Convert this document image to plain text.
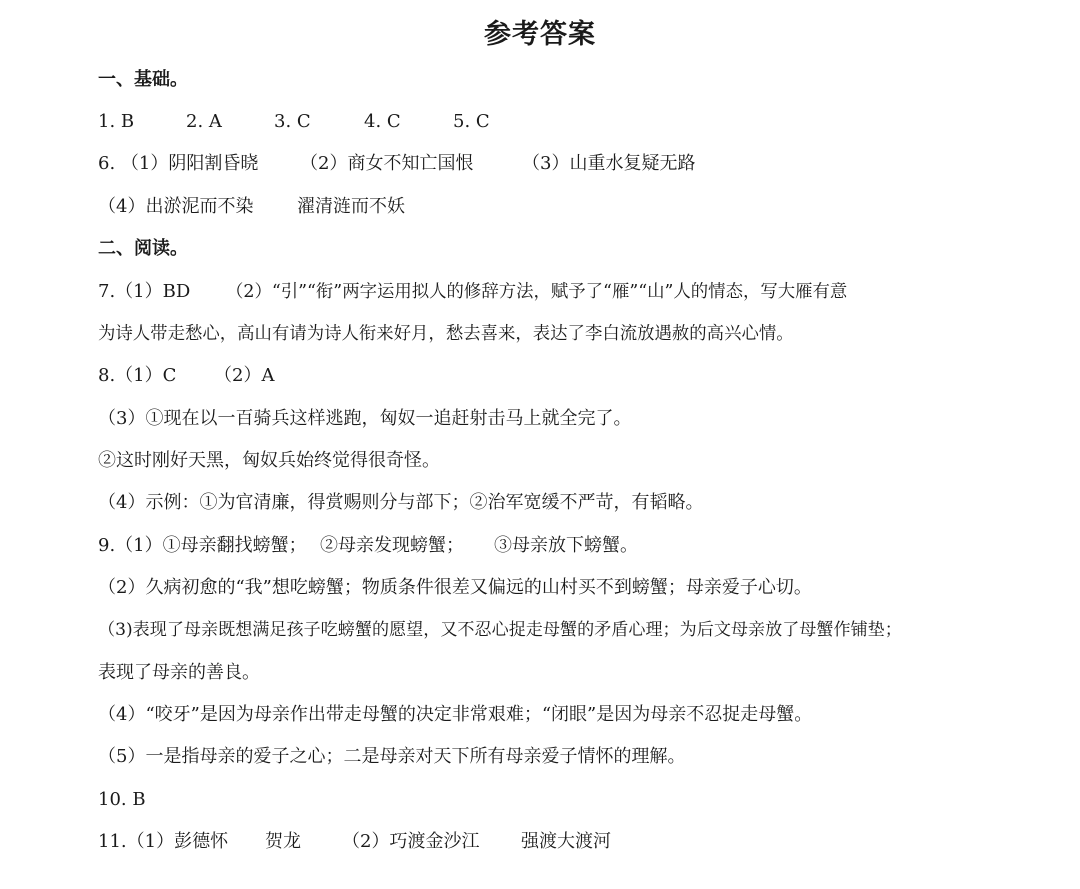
参考答案
一、基础。
1. B	2. A	3. C	4. C	5. C
6. （1）阴阳割昏晓 （2）商女不知亡国恨	（3）山重水复疑无路
（4）出淤泥而不染 濯清涟而不妖
二、阅读。
7.（1）BD （2）“引”“衔”两字运用拟人的修辞方法，赋予了“雁”“山”人的情态，写大雁有意
为诗人带走愁心，高山有请为诗人衔来好月，愁去喜来，表达了李白流放遇赦的高兴心情。
8.（1）C （2）A
（3）①现在以一百骑兵这样逃跑，匈奴一追赶射击马上就全完了。
②这时刚好天黑，匈奴兵始终觉得很奇怪。
（4）示例：①为官清廉，得赏赐则分与部下；②治军宽缓不严苛，有韬略。
9.（1）①母亲翻找螃蟹； ②母亲发现螃蟹； ③母亲放下螃蟹。
（2）久病初愈的“我”想吃螃蟹；物质条件很差又偏远的山村买不到螃蟹；母亲爱子心切。
（3)表现了母亲既想满足孩子吃螃蟹的愿望，又不忍心捉走母蟹的矛盾心理；为后文母亲放了母蟹作铺垫；
表现了母亲的善良。
（4）“咬牙”是因为母亲作出带走母蟹的决定非常艰难；“闭眼”是因为母亲不忍捉走母蟹。
（5）一是指母亲的爱子之心；二是母亲对天下所有母亲爱子情怀的理解。
10. B
11.（1）彭德怀 贺龙 （2）巧渡金沙江 强渡大渡河
